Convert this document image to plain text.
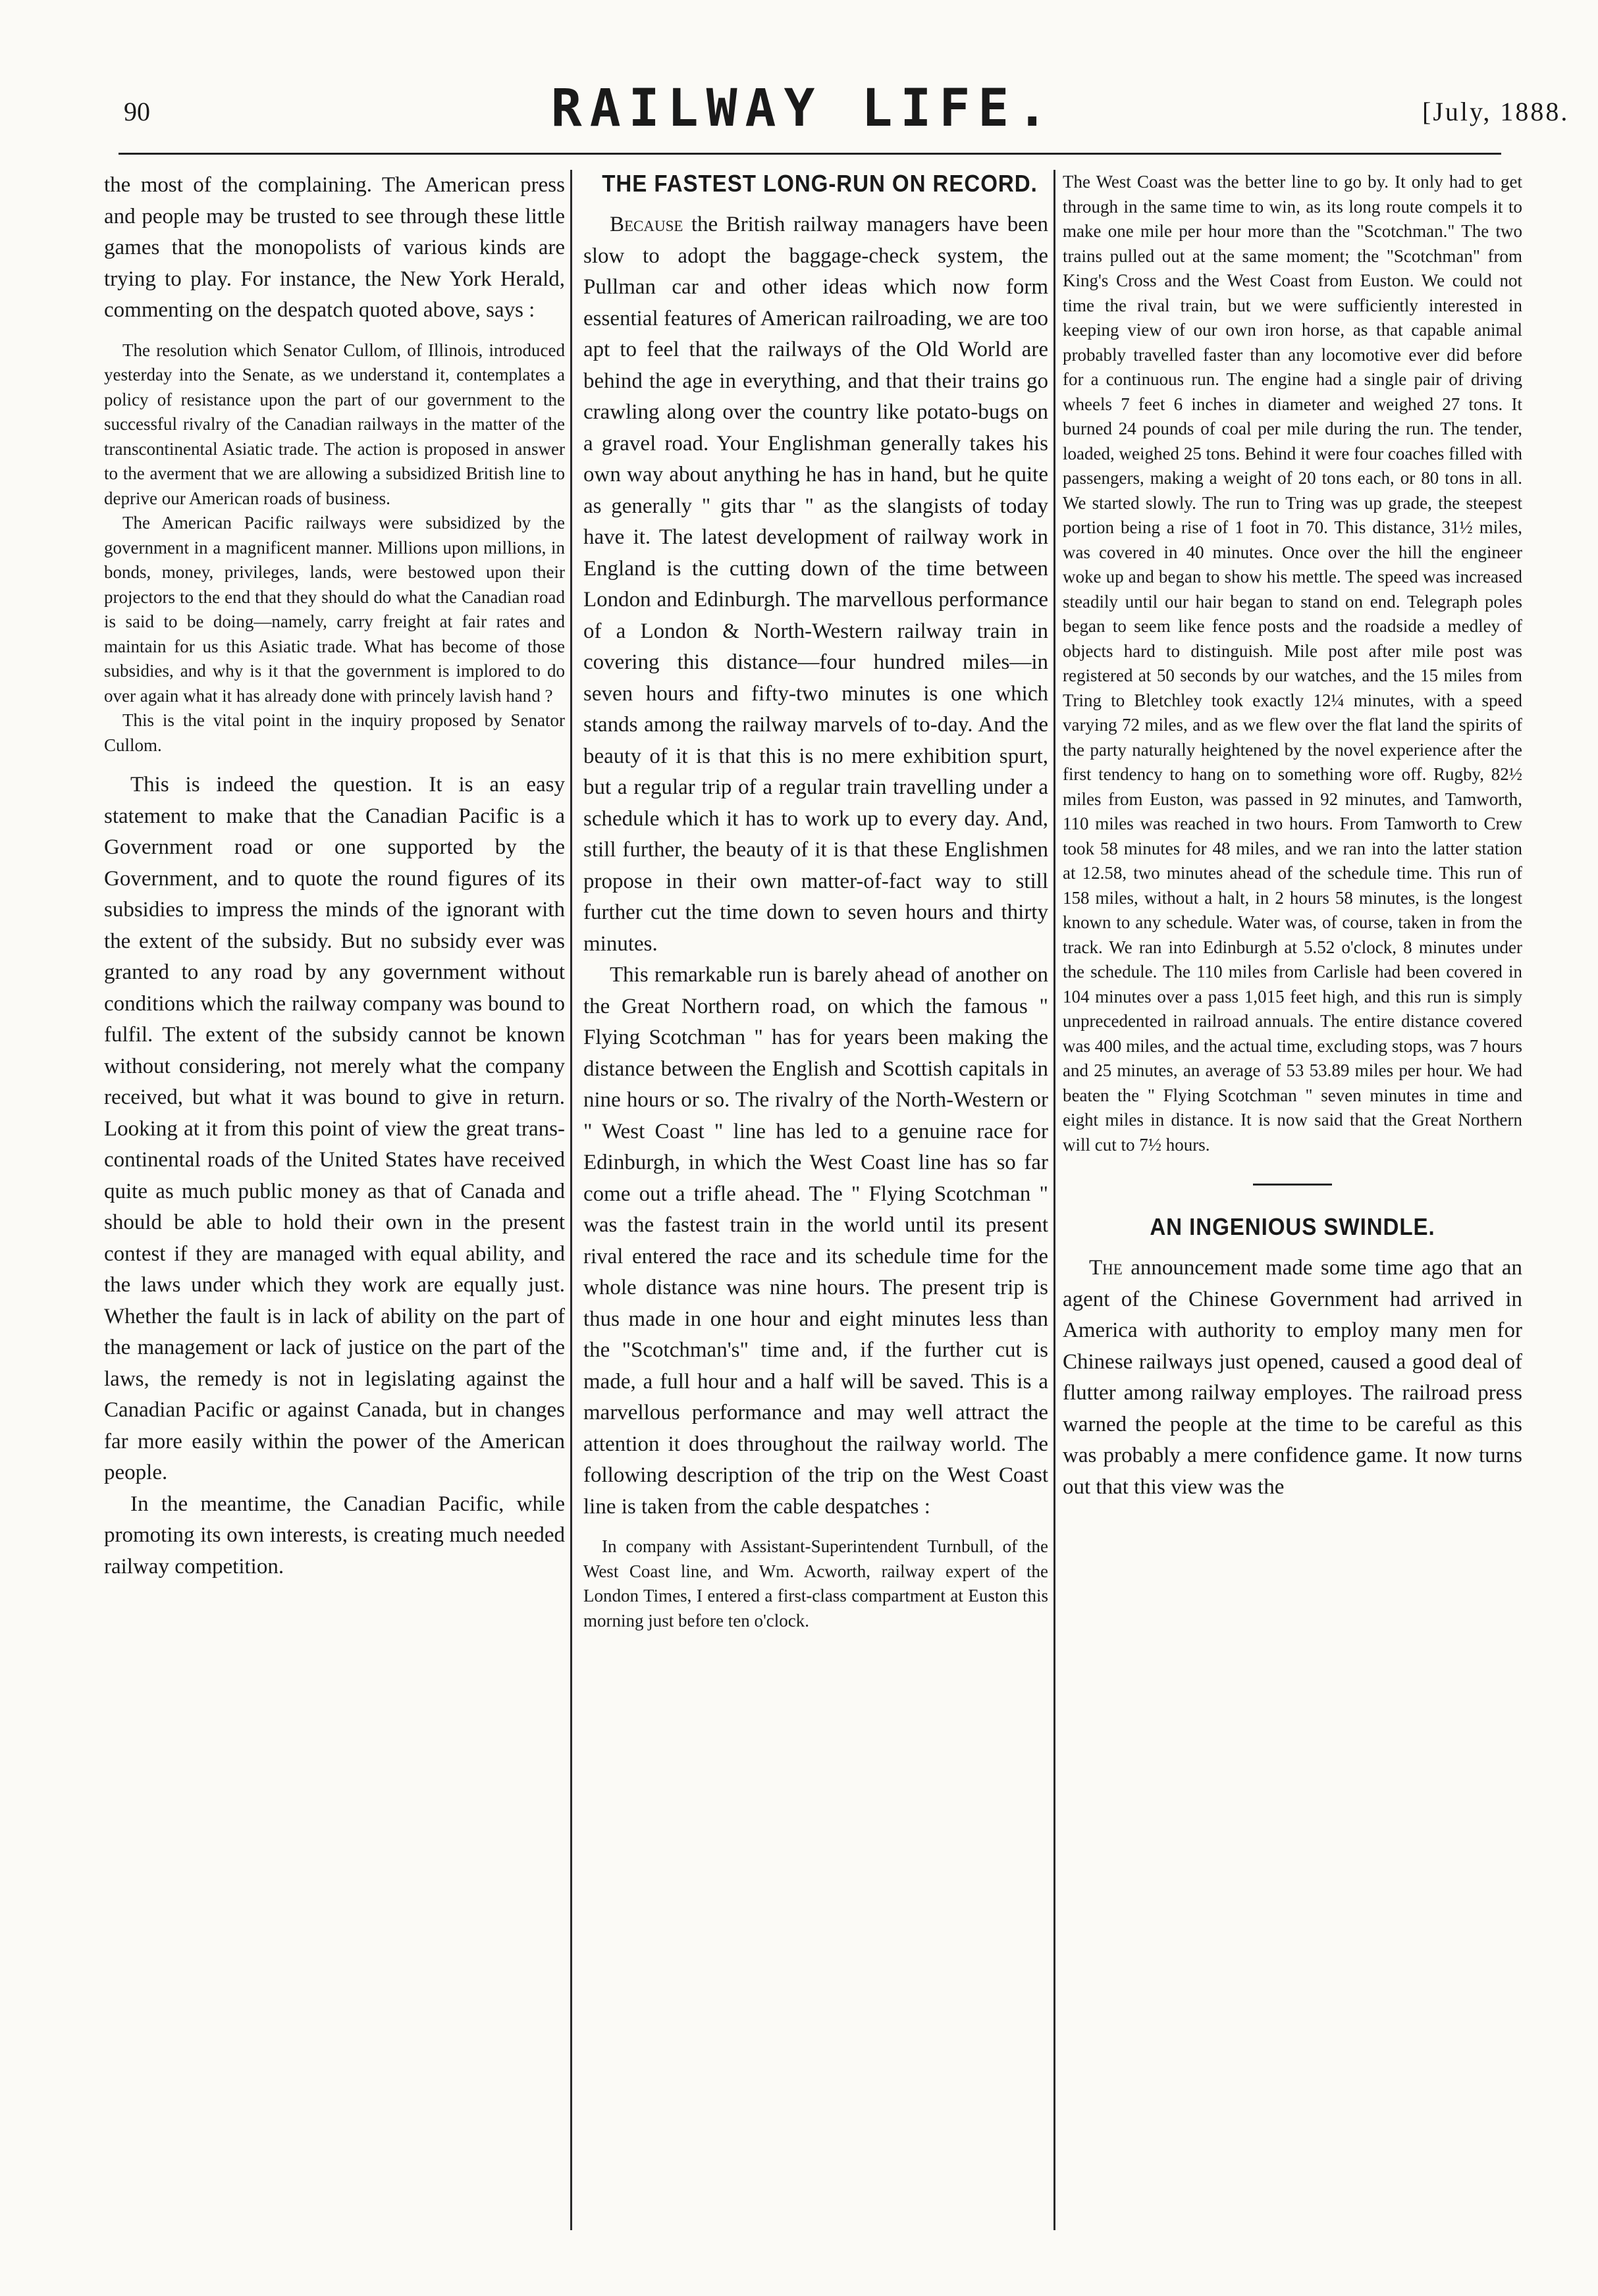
90	RAILWAY LIFE.	[July, 1888.

the most of the complaining. The American press and people may be trusted to see through these little games that the monopolists of various kinds are trying to play. For instance, the New York Herald, commenting on the despatch quoted above, says :

The resolution which Senator Cullom, of Illinois, introduced yesterday into the Senate, as we understand it, contemplates a policy of resistance upon the part of our government to the successful rivalry of the Canadian railways in the matter of the transcontinental Asiatic trade. The action is proposed in answer to the averment that we are allowing a subsidized British line to deprive our American roads of business.

The American Pacific railways were subsidized by the government in a magnificent manner. Millions upon millions, in bonds, money, privileges, lands, were bestowed upon their projectors to the end that they should do what the Canadian road is said to be doing—namely, carry freight at fair rates and maintain for us this Asiatic trade. What has become of those subsidies, and why is it that the government is implored to do over again what it has already done with princely lavish hand ?

This is the vital point in the inquiry proposed by Senator Cullom.

This is indeed the question. It is an easy statement to make that the Canadian Pacific is a Government road or one supported by the Government, and to quote the round figures of its subsidies to impress the minds of the ignorant with the extent of the subsidy. But no subsidy ever was granted to any road by any government without conditions which the railway company was bound to fulfil. The extent of the subsidy cannot be known without considering, not merely what the company received, but what it was bound to give in return. Looking at it from this point of view the great trans-continental roads of the United States have received quite as much public money as that of Canada and should be able to hold their own in the present contest if they are managed with equal ability, and the laws under which they work are equally just. Whether the fault is in lack of ability on the part of the management or lack of justice on the part of the laws, the remedy is not in legislating against the Canadian Pacific or against Canada, but in changes far more easily within the power of the American people.

In the meantime, the Canadian Pacific, while promoting its own interests, is creating much needed railway competition.

THE FASTEST LONG-RUN ON RECORD.

Because the British railway managers have been slow to adopt the baggage-check system, the Pullman car and other ideas which now form essential features of American railroading, we are too apt to feel that the railways of the Old World are behind the age in everything, and that their trains go crawling along over the country like potato-bugs on a gravel road. Your Englishman generally takes his own way about anything he has in hand, but he quite as generally " gits thar " as the slangists of today have it. The latest development of railway work in England is the cutting down of the time between London and Edinburgh. The marvellous performance of a London & North-Western railway train in covering this distance—four hundred miles—in seven hours and fifty-two minutes is one which stands among the railway marvels of to-day. And the beauty of it is that this is no mere exhibition spurt, but a regular trip of a regular train travelling under a schedule which it has to work up to every day. And, still further, the beauty of it is that these Englishmen propose in their own matter-of-fact way to still further cut the time down to seven hours and thirty minutes.

This remarkable run is barely ahead of another on the Great Northern road, on which the famous " Flying Scotchman " has for years been making the distance between the English and Scottish capitals in nine hours or so. The rivalry of the North-Western or " West Coast " line has led to a genuine race for Edinburgh, in which the West Coast line has so far come out a trifle ahead. The " Flying Scotchman " was the fastest train in the world until its present rival entered the race and its schedule time for the whole distance was nine hours. The present trip is thus made in one hour and eight minutes less than the "Scotchman's" time and, if the further cut is made, a full hour and a half will be saved. This is a marvellous performance and may well attract the attention it does throughout the railway world. The following description of the trip on the West Coast line is taken from the cable despatches :

In company with Assistant-Superintendent Turnbull, of the West Coast line, and Wm. Acworth, railway expert of the London Times, I entered a first-class compartment at Euston this morning just before ten o'clock.

The West Coast was the better line to go by. It only had to get through in the same time to win, as its long route compels it to make one mile per hour more than the "Scotchman." The two trains pulled out at the same moment; the "Scotchman" from King's Cross and the West Coast from Euston. We could not time the rival train, but we were sufficiently interested in keeping view of our own iron horse, as that capable animal probably travelled faster than any locomotive ever did before for a continuous run. The engine had a single pair of driving wheels 7 feet 6 inches in diameter and weighed 27 tons. It burned 24 pounds of coal per mile during the run. The tender, loaded, weighed 25 tons. Behind it were four coaches filled with passengers, making a weight of 20 tons each, or 80 tons in all. We started slowly. The run to Tring was up grade, the steepest portion being a rise of 1 foot in 70. This distance, 31½ miles, was covered in 40 minutes. Once over the hill the engineer woke up and began to show his mettle. The speed was increased steadily until our hair began to stand on end. Telegraph poles began to seem like fence posts and the roadside a medley of objects hard to distinguish. Mile post after mile post was registered at 50 seconds by our watches, and the 15 miles from Tring to Bletchley took exactly 12¼ minutes, with a speed varying 72 miles, and as we flew over the flat land the spirits of the party naturally heightened by the novel experience after the first tendency to hang on to something wore off. Rugby, 82½ miles from Euston, was passed in 92 minutes, and Tamworth, 110 miles was reached in two hours. From Tamworth to Crew took 58 minutes for 48 miles, and we ran into the latter station at 12.58, two minutes ahead of the schedule time. This run of 158 miles, without a halt, in 2 hours 58 minutes, is the longest known to any schedule. Water was, of course, taken in from the track. We ran into Edinburgh at 5.52 o'clock, 8 minutes under the schedule. The 110 miles from Carlisle had been covered in 104 minutes over a pass 1,015 feet high, and this run is simply unprecedented in railroad annuals. The entire distance covered was 400 miles, and the actual time, excluding stops, was 7 hours and 25 minutes, an average of 53 53.89 miles per hour. We had beaten the " Flying Scotchman " seven minutes in time and eight miles in distance. It is now said that the Great Northern will cut to 7½ hours.

AN INGENIOUS SWINDLE.

The announcement made some time ago that an agent of the Chinese Government had arrived in America with authority to employ many men for Chinese railways just opened, caused a good deal of flutter among railway employes. The railroad press warned the people at the time to be careful as this was probably a mere confidence game. It now turns out that this view was the
